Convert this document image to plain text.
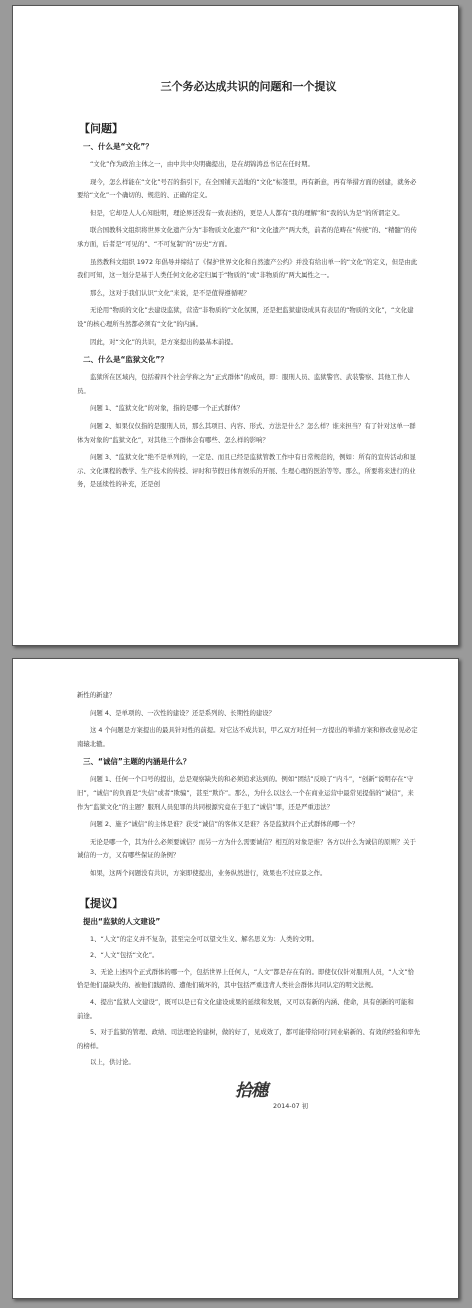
三个务必达成共识的问题和一个提议
【问题】
一、什么是“文化”？

“文化”作为政治主体之一，由中共中央明确提出，是在胡锦涛总书记在任时期。

现今，怎么样能在“文化”号召的指引下，在全国铺天盖地的“文化”标签里，再有新意，再有举措方面的创建，就务必要给“文化”一个确切的、规范的、正确的定义。

但是，它却是人人心知肚明，理论界还没有一致表述的，更是人人都有“我的理解”和“我的认为是”的所谓定义。

联合国教科文组织将世界文化遗产分为“非物质文化遗产”和“文化遗产”两大类，前者的范畴在“传统”的、“精髓”的传承方面，后者是“可见的”、“不可复制”的“历史”方面。

虽然教科文组织 1972 年倡导并缔结了《保护世界文化和自然遗产公约》并没有给出单一的“文化”的定义，但是由此我们可知，这一划分是基于人类任何文化必定归属于“物质的”或“非物质的”两大属性之一。

那么，这对于我们认识“文化”来说，是不是值得遵循呢？

无论用“物质的文化”去建设监狱，营造“非物质的”文化氛围，还是把监狱建设成具有表层的“物质的文化”，“文化建设”的核心理所当然都必须有“文化”的内涵。

因此，对“文化”的共识，是方案提出的最基本前提。

二、什么是“监狱文化”？

监狱所在区域内，包括着四个社会学称之为“正式群体”的成员，即：服刑人员、监狱警官、武装警察、其他工作人员。

问题 1、“监狱文化”的对象，指的是哪一个正式群体？

问题 2、如果仅仅指的是服刑人员，那么其项目、内容、形式、方法是什么？怎么样？谁来担当？有了针对这单一群体为对象的“监狱文化”，对其他三个群体会有哪些、怎么样的影响？

问题 3、“监狱文化”绝不是单列的，一定是、而且已经是监狱管教工作中有日常规范的，例如：所有的宣传活动和显示、文化课程的教学、生产技术的传授、评时和节假日体育娱乐的开展、生理心理的医治等等。那么，所要将来进行的业务，是延续性的补充，还是创

新性的新建？

问题 4、是单项的、一次性的建设？还是系列的、长期性的建设？

这 4 个问题是方案提出的最具针对性的前提。对它达不成共识，甲乙双方对任何一方提出的举措方案和修改意见必定南辕北辙。

三、“诚信”主题的内涵是什么？

问题 1、任何一个口号的提出，总是观察缺失的和必须追求达到的。例如“团结”反映了“内斗”，“创新”说明存在“守旧”，“诚信”的负面是“失信”或者“欺骗”，甚至“欺诈”。那么，为什么以这么一个在商业运营中最常见提倡的“诚信”，来作为“监狱文化”的主题？服刑人员犯罪的共同根源究竟在于犯了“诚信”罪，还是严重违法？

问题 2、施予“诚信”的主体是谁？获受“诚信”的客体又是谁？各是监狱四个正式群体的哪一个？

无论是哪一个，其为什么必须要诚信？而另一方为什么需要诚信？相互的对象是谁？各方以什么为诚信的原则？关于诚信的一方，又有哪些保证的条例？

如果，这两个问题没有共识，方案即使提出，业务纵然进行，效果也不过应景之作。

【提议】
提出“监狱的人文建设”

1、“人文”的定义并不复杂，甚至完全可以望文生义、解名思义为：人类的文明。

2、“人文”包括“文化”。

3、无论上述四个正式群体的哪一个，包括世界上任何人，“人文”都是存在有的。即使仅仅针对服刑人员，“人文”恰恰是他们最缺失的、被他们践踏的、遭他们破坏的，其中包括严重违背人类社会群体共同认定的明文法规。

4、提出“监狱人文建设”，既可以是已有文化建设成果的延续和发展，又可以有新的内涵、使命，具有创新的可能和前途。

5、对于监狱的管理、政绩、司法理论的建树，做的好了，见成效了，都可能带给同行同业崭新的、有效的经验和率先的榜样。

以上，供讨论。

拾穗
2014-07 初
